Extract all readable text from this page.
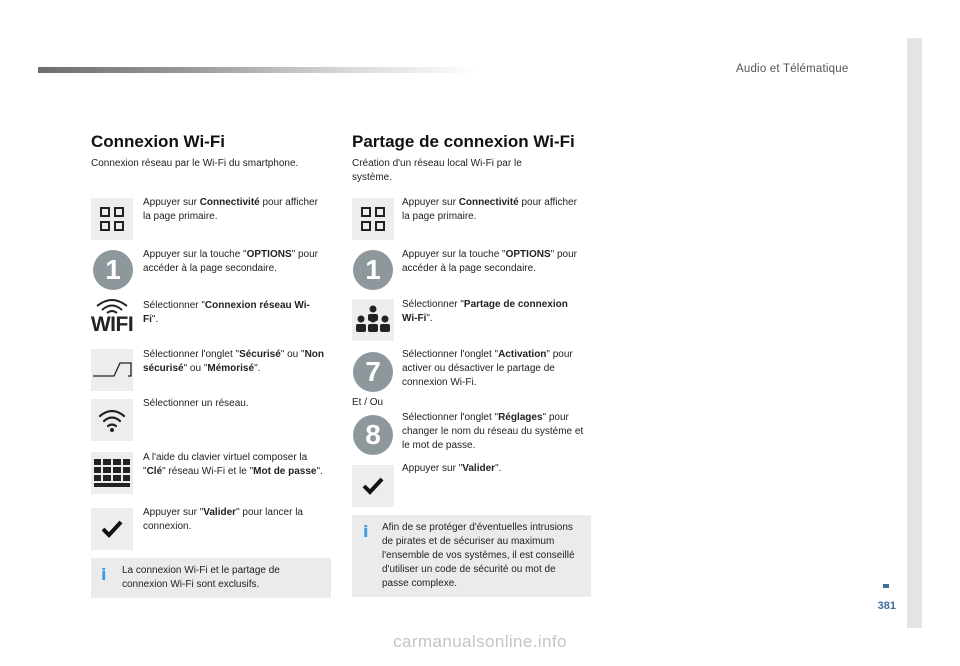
Audio et Télématique
381
Connexion Wi-Fi
Connexion réseau par le Wi-Fi du smartphone.
Appuyer sur Connectivité pour afficher la page primaire.
1	Appuyer sur la touche "OPTIONS" pour accéder à la page secondaire.
WIFI
Sélectionner "Connexion réseau Wi-Fi".
Sélectionner l'onglet "Sécurisé" ou "Non sécurisé" ou "Mémorisé".
Sélectionner un réseau.
A l'aide du clavier virtuel composer la "Clé" réseau Wi-Fi et le "Mot de passe".
Appuyer sur "Valider" pour lancer la connexion.
i La connexion Wi-Fi et le partage de connexion Wi-Fi sont exclusifs.
Partage de connexion Wi-Fi
Création d'un réseau local Wi-Fi par le système.
Appuyer sur Connectivité pour afficher la page primaire.
1	Appuyer sur la touche "OPTIONS" pour accéder à la page secondaire.
Sélectionner "Partage de connexion Wi-Fi".
7
Sélectionner l'onglet "Activation" pour activer ou désactiver le partage de connexion Wi-Fi.
Et / Ou
8
Sélectionner l'onglet "Réglages" pour changer le nom du réseau du système et le mot de passe.
Appuyer sur "Valider".
i Afin de se protéger d'éventuelles intrusions de pirates et de sécuriser au maximum l'ensemble de vos systèmes, il est conseillé d'utiliser un code de sécurité ou mot de passe complexe.
carmanualsonline.info
